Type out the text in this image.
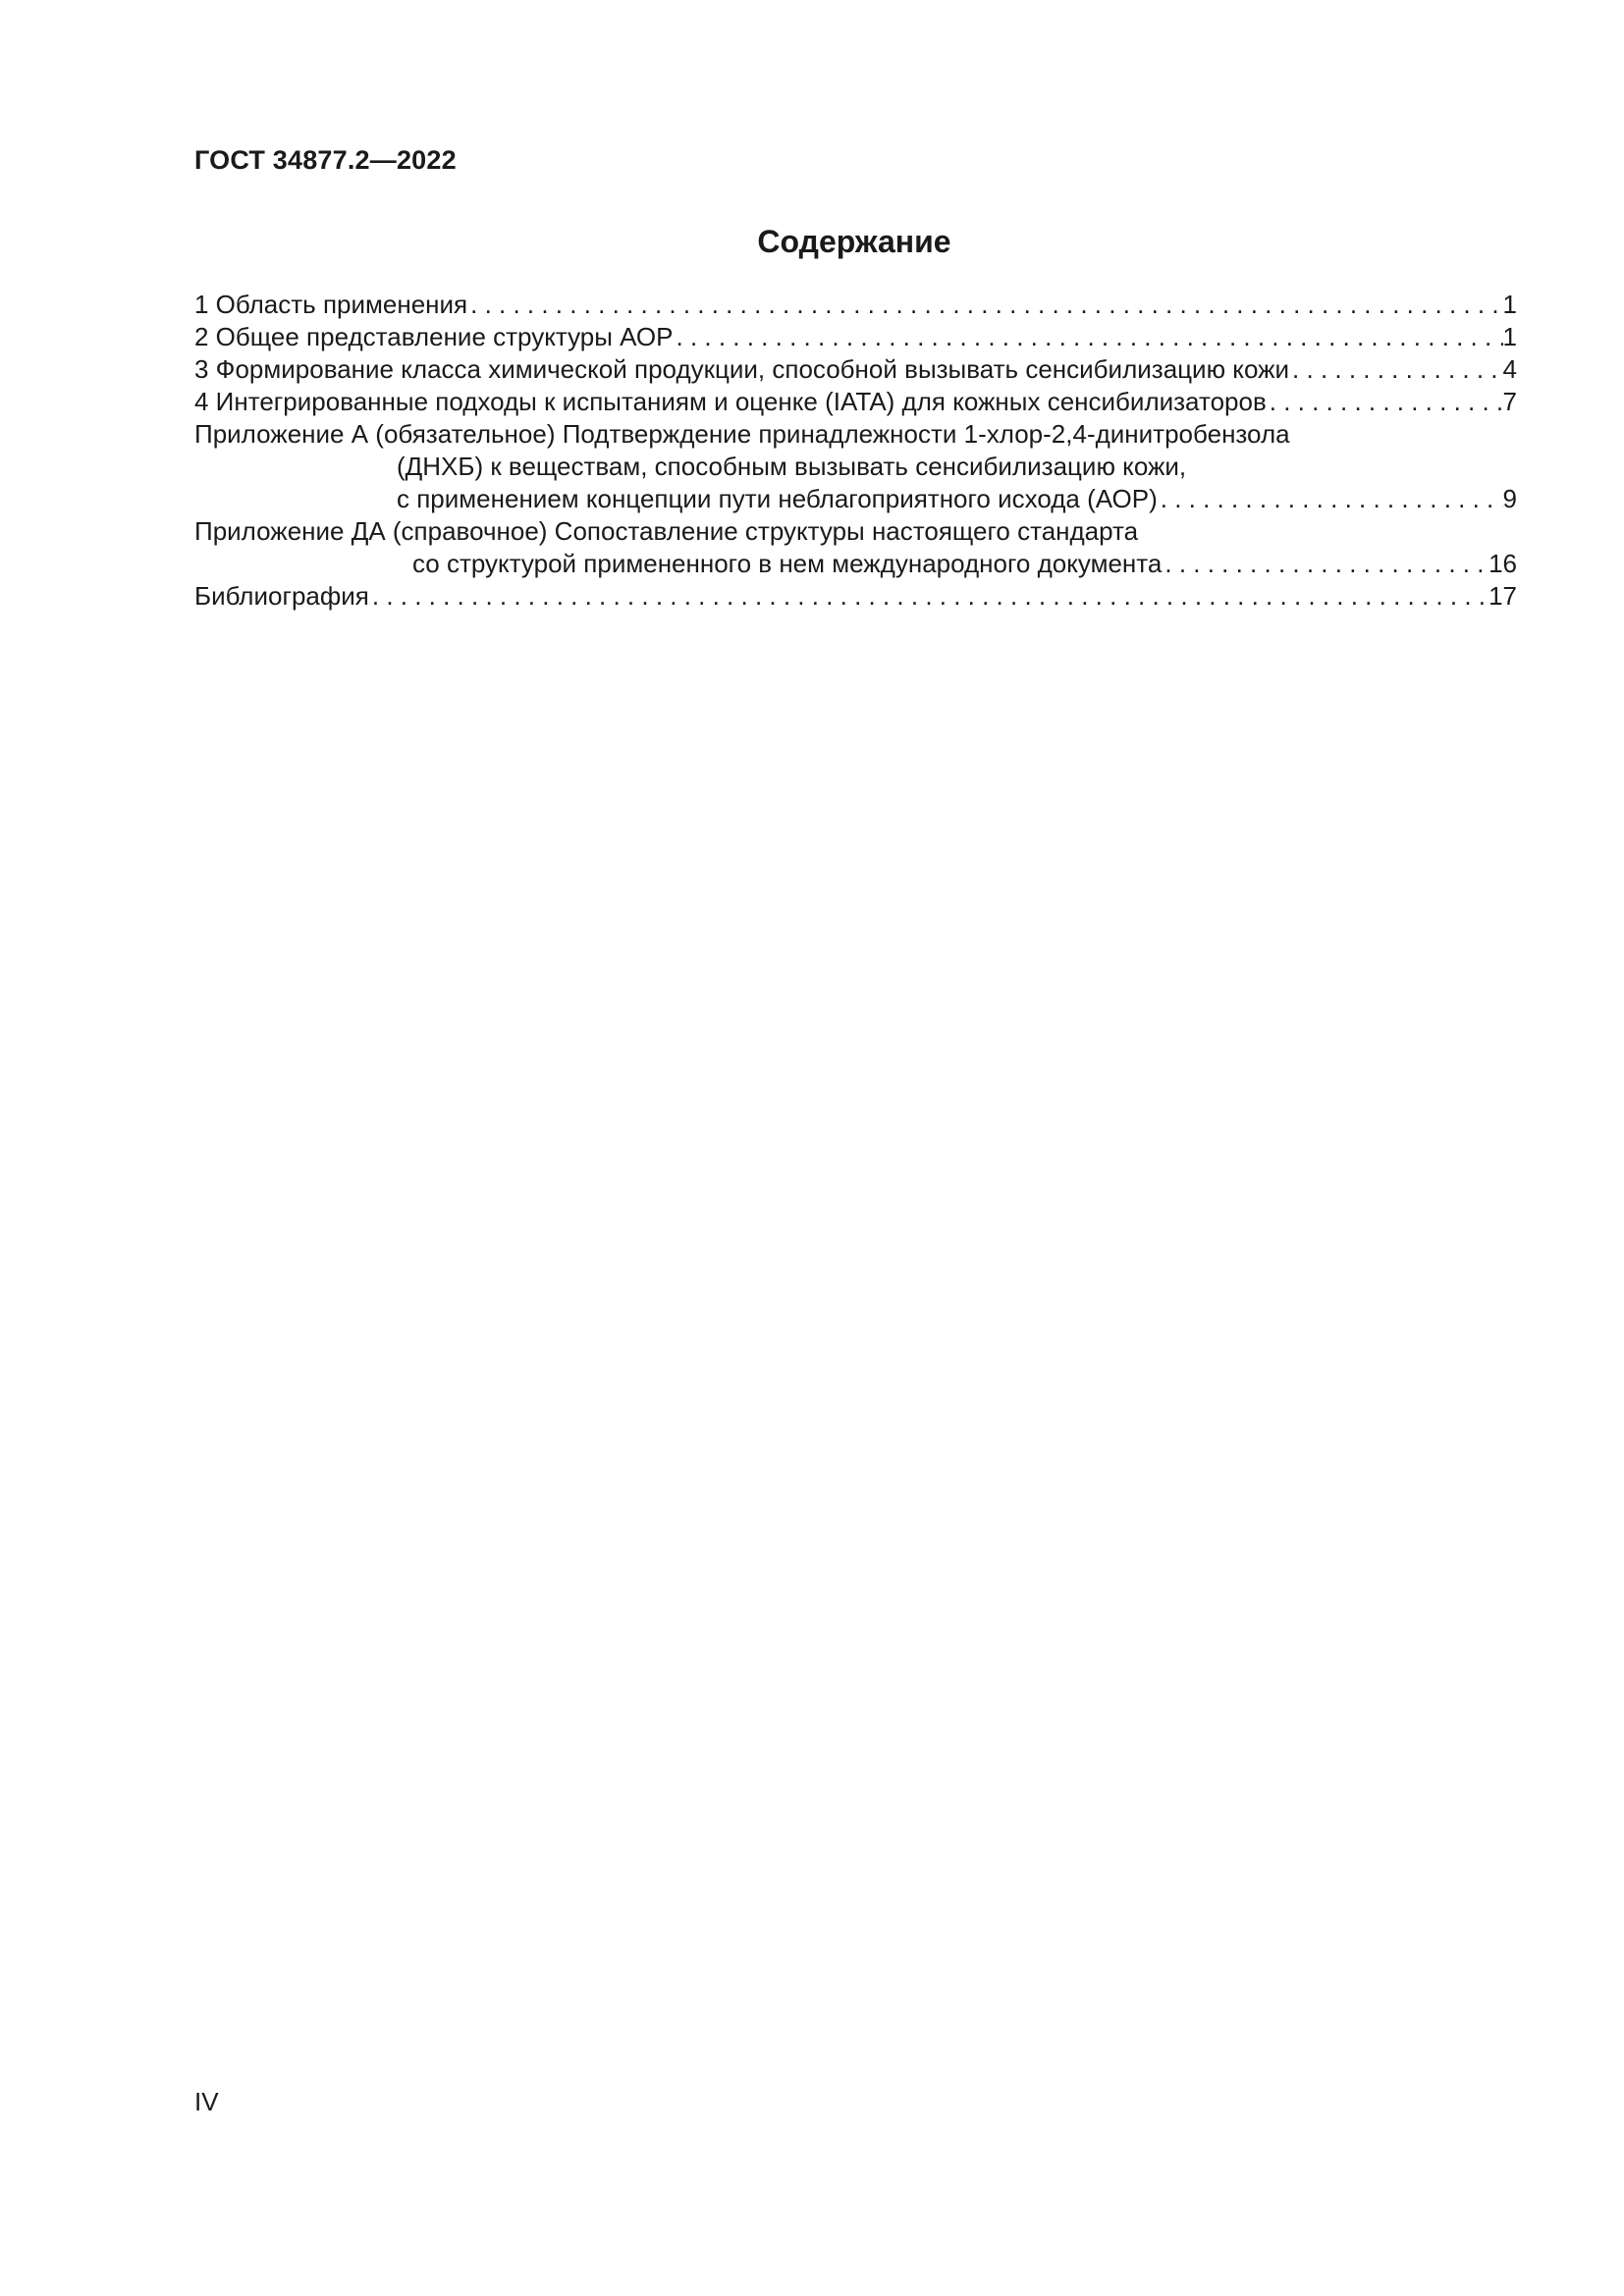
ГОСТ 34877.2—2022
Содержание
1 Область применения . . .	1
2 Общее представление структуры АОР . . .	1
3 Формирование класса химической продукции, способной вызывать сенсибилизацию кожи . . .	4
4 Интегрированные подходы к испытаниям и оценке (IATA) для кожных сенсибилизаторов . . .	7
Приложение А (обязательное) Подтверждение принадлежности 1-хлор-2,4-динитробензола
(ДНХБ) к веществам, способным вызывать сенсибилизацию кожи,
с применением концепции пути неблагоприятного исхода (АОР) . . .	9
Приложение ДА (справочное) Сопоставление структуры настоящего стандарта
со структурой примененного в нем международного документа . . .	16
Библиография . . .	17
IV
